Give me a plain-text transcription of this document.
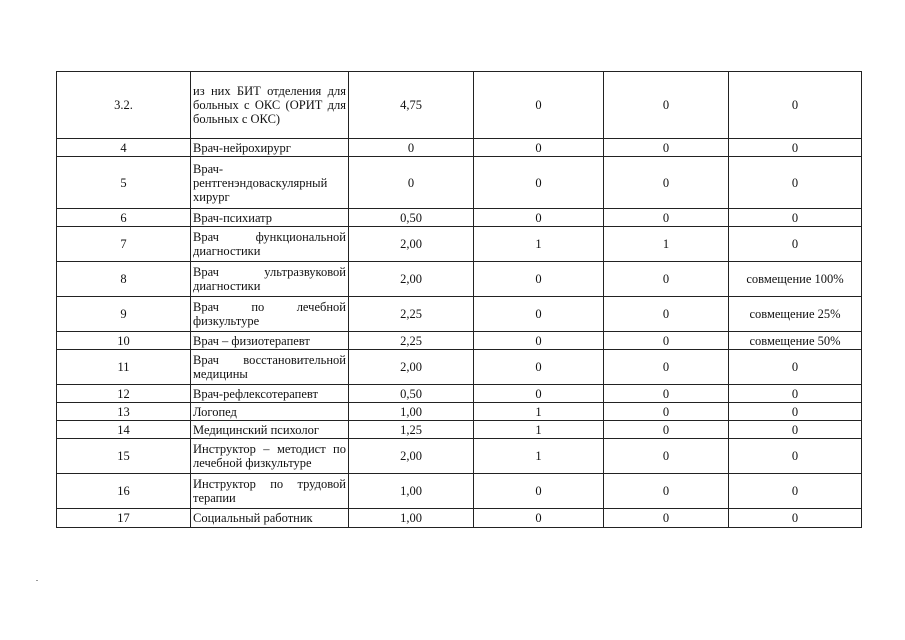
3.2.	из них БИТ отделения для больных с ОКС (ОРИТ для больных с ОКС)	4,75	0	0	0
4	Врач-нейрохирург	0	0	0	0
5	Врач-рентгенэндоваскулярный хирург	0	0	0	0
6	Врач-психиатр	0,50	0	0	0
7	Врач функциональной диагностики	2,00	1	1	0
8	Врач ультразвуковой диагностики	2,00	0	0	совмещение 100%
9	Врач по лечебной физкультуре	2,25	0	0	совмещение 25%
10	Врач – физиотерапевт	2,25	0	0	совмещение 50%
11	Врач восстановительной медицины	2,00	0	0	0
12	Врач-рефлексотерапевт	0,50	0	0	0
13	Логопед	1,00	1	0	0
14	Медицинский психолог	1,25	1	0	0
15	Инструктор – методист по лечебной физкультуре	2,00	1	0	0
16	Инструктор по трудовой терапии	1,00	0	0	0
17	Социальный работник	1,00	0	0	0
